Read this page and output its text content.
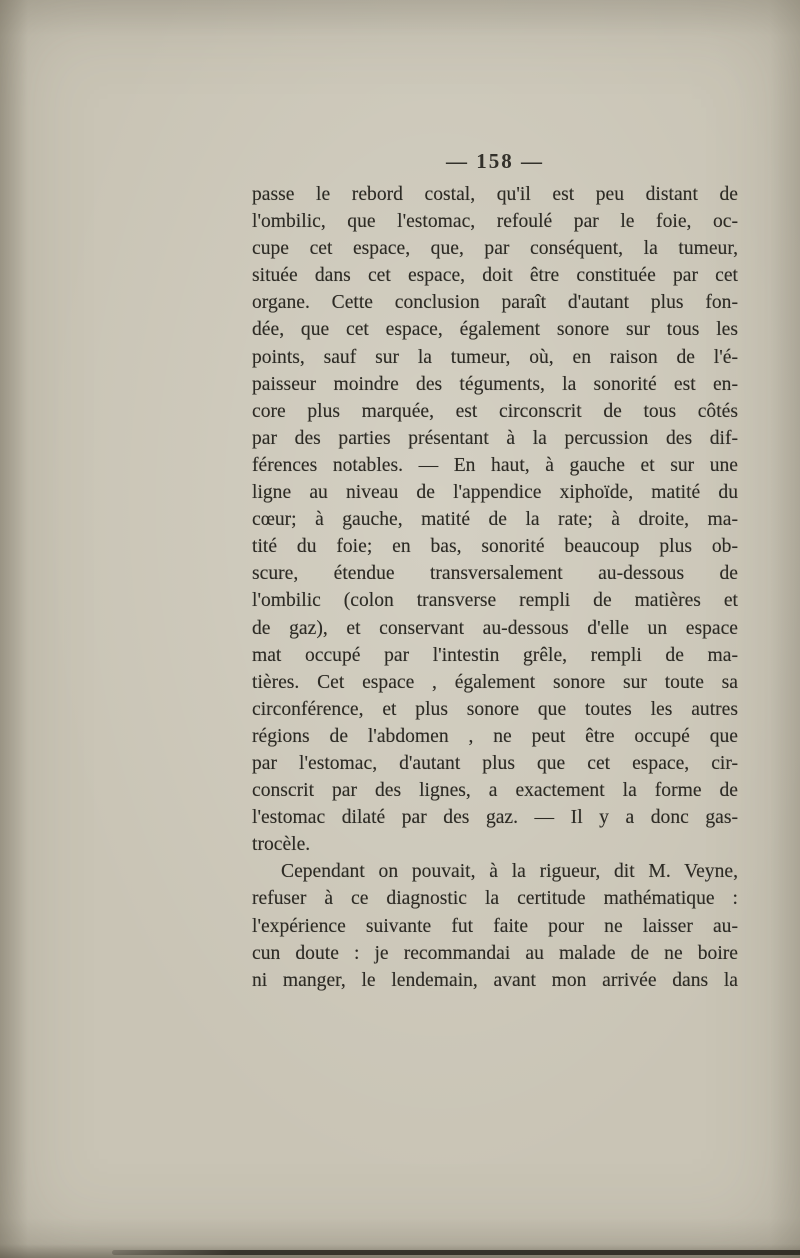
— 158 —
passe le rebord costal, qu'il est peu distant de
l'ombilic, que l'estomac, refoulé par le foie, oc-
cupe cet espace, que, par conséquent, la tumeur,
située dans cet espace, doit être constituée par cet
organe. Cette conclusion paraît d'autant plus fon-
dée, que cet espace, également sonore sur tous les
points, sauf sur la tumeur, où, en raison de l'é-
paisseur moindre des téguments, la sonorité est en-
core plus marquée, est circonscrit de tous côtés
par des parties présentant à la percussion des dif-
férences notables. — En haut, à gauche et sur une
ligne au niveau de l'appendice xiphoïde, matité du
cœur; à gauche, matité de la rate; à droite, ma-
tité du foie; en bas, sonorité beaucoup plus ob-
scure, étendue transversalement au-dessous de
l'ombilic (colon transverse rempli de matières et
de gaz), et conservant au-dessous d'elle un espace
mat occupé par l'intestin grêle, rempli de ma-
tières. Cet espace , également sonore sur toute sa
circonférence, et plus sonore que toutes les autres
régions de l'abdomen , ne peut être occupé que
par l'estomac, d'autant plus que cet espace, cir-
conscrit par des lignes, a exactement la forme de
l'estomac dilaté par des gaz. — Il y a donc gas-
trocèle.
Cependant on pouvait, à la rigueur, dit M. Veyne,
refuser à ce diagnostic la certitude mathématique :
l'expérience suivante fut faite pour ne laisser au-
cun doute : je recommandai au malade de ne boire
ni manger, le lendemain, avant mon arrivée dans la
